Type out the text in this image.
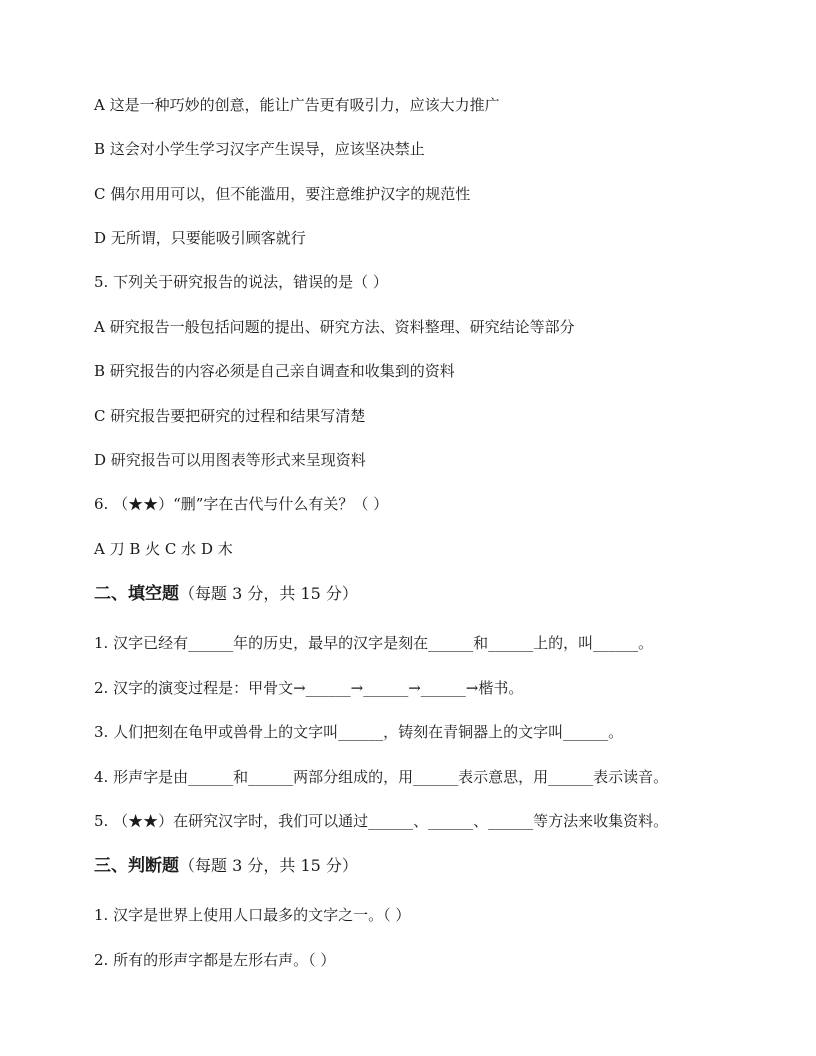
A 这是一种巧妙的创意，能让广告更有吸引力，应该大力推广
B 这会对小学生学习汉字产生误导，应该坚决禁止
C 偶尔用用可以，但不能滥用，要注意维护汉字的规范性
D 无所谓，只要能吸引顾客就行
5. 下列关于研究报告的说法，错误的是（ ）
A 研究报告一般包括问题的提出、研究方法、资料整理、研究结论等部分
B 研究报告的内容必须是自己亲自调查和收集到的资料
C 研究报告要把研究的过程和结果写清楚
D 研究报告可以用图表等形式来呈现资料
6. （★★）“删”字在古代与什么有关？（ ）
A 刀 B 火 C 水 D 木
二、填空题（每题 3 分，共 15 分）
1. 汉字已经有______年的历史，最早的汉字是刻在______和______上的，叫______。
2. 汉字的演变过程是：甲骨文→______→______→______→楷书。
3. 人们把刻在龟甲或兽骨上的文字叫______，铸刻在青铜器上的文字叫______。
4. 形声字是由______和______两部分组成的，用______表示意思，用______表示读音。
5. （★★）在研究汉字时，我们可以通过______、______、______等方法来收集资料。
三、判断题（每题 3 分，共 15 分）
1. 汉字是世界上使用人口最多的文字之一。（ ）
2. 所有的形声字都是左形右声。（ ）
